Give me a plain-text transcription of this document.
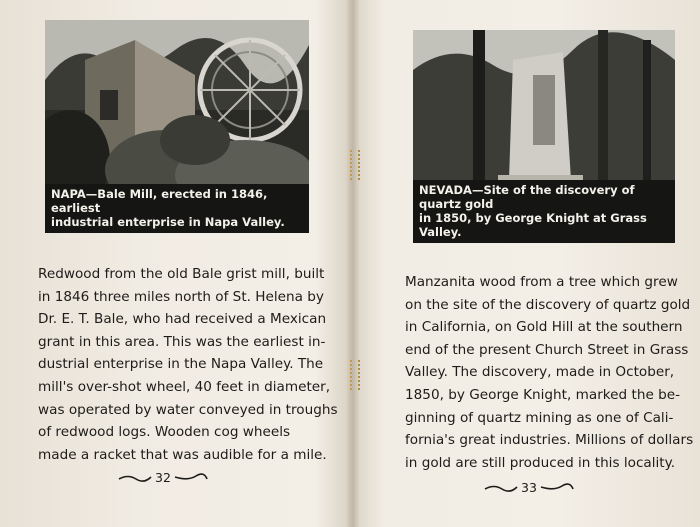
NAPA—Bale Mill, erected in 1846, earliest
industrial enterprise in Napa Valley.

Redwood from the old Bale grist mill, built
in 1846 three miles north of St. Helena by
Dr. E. T. Bale, who had received a Mexican
grant in this area. This was the earliest in-
dustrial enterprise in the Napa Valley. The
mill's over-shot wheel, 40 feet in diameter,
was operated by water conveyed in troughs
of redwood logs. Wooden cog wheels
made a racket that was audible for a mile.

32
NEVADA—Site of the discovery of quartz gold
in 1850, by George Knight at Grass Valley.

Manzanita wood from a tree which grew
on the site of the discovery of quartz gold
in California, on Gold Hill at the southern
end of the present Church Street in Grass
Valley. The discovery, made in October,
1850, by George Knight, marked the be-
ginning of quartz mining as one of Cali-
fornia's great industries. Millions of dollars
in gold are still produced in this locality.

33
